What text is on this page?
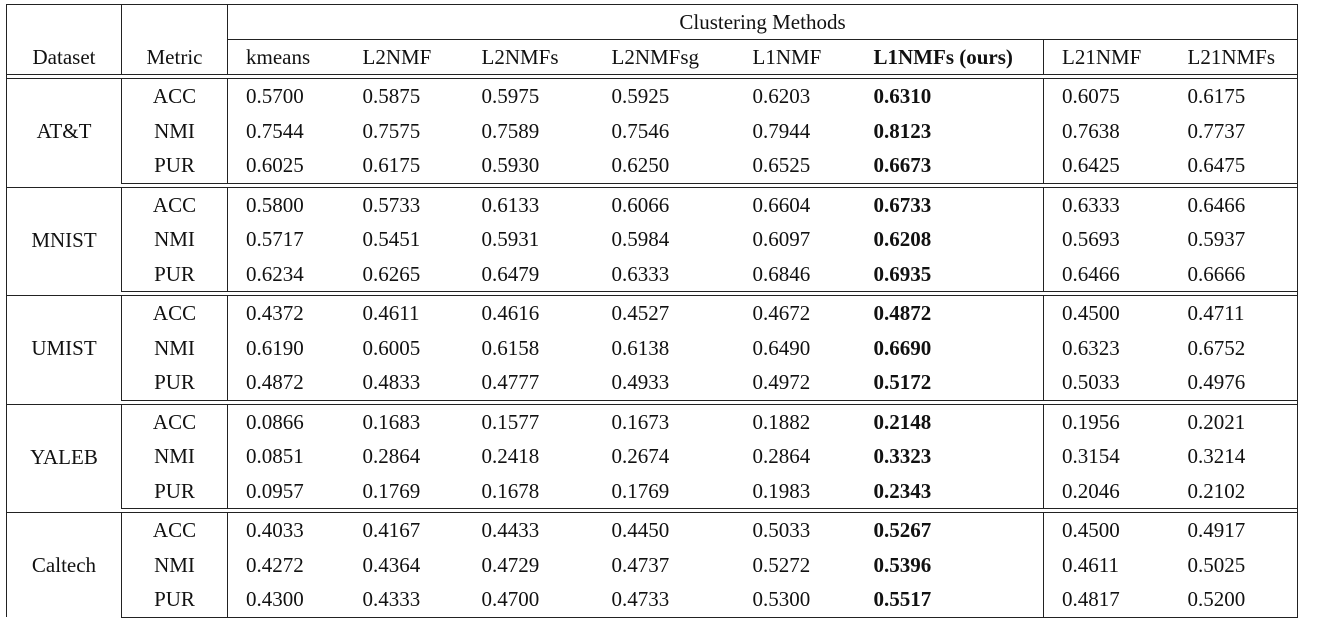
		Clustering Methods							
Dataset	Metric	kmeans	L2NMF	L2NMFs	L2NMFsg	L1NMF	L1NMFs (ours)	L21NMF	L21NMFs

AT&T	ACC	0.5700	0.5875	0.5975	0.5925	0.6203	0.6310	0.6075	0.6175
	NMI	0.7544	0.7575	0.7589	0.7546	0.7944	0.8123	0.7638	0.7737
	PUR	0.6025	0.6175	0.5930	0.6250	0.6525	0.6673	0.6425	0.6475

MNIST	ACC	0.5800	0.5733	0.6133	0.6066	0.6604	0.6733	0.6333	0.6466
	NMI	0.5717	0.5451	0.5931	0.5984	0.6097	0.6208	0.5693	0.5937
	PUR	0.6234	0.6265	0.6479	0.6333	0.6846	0.6935	0.6466	0.6666

UMIST	ACC	0.4372	0.4611	0.4616	0.4527	0.4672	0.4872	0.4500	0.4711
	NMI	0.6190	0.6005	0.6158	0.6138	0.6490	0.6690	0.6323	0.6752
	PUR	0.4872	0.4833	0.4777	0.4933	0.4972	0.5172	0.5033	0.4976

YALEB	ACC	0.0866	0.1683	0.1577	0.1673	0.1882	0.2148	0.1956	0.2021
	NMI	0.0851	0.2864	0.2418	0.2674	0.2864	0.3323	0.3154	0.3214
	PUR	0.0957	0.1769	0.1678	0.1769	0.1983	0.2343	0.2046	0.2102

Caltech	ACC	0.4033	0.4167	0.4433	0.4450	0.5033	0.5267	0.4500	0.4917
	NMI	0.4272	0.4364	0.4729	0.4737	0.5272	0.5396	0.4611	0.5025
	PUR	0.4300	0.4333	0.4700	0.4733	0.5300	0.5517	0.4817	0.5200
